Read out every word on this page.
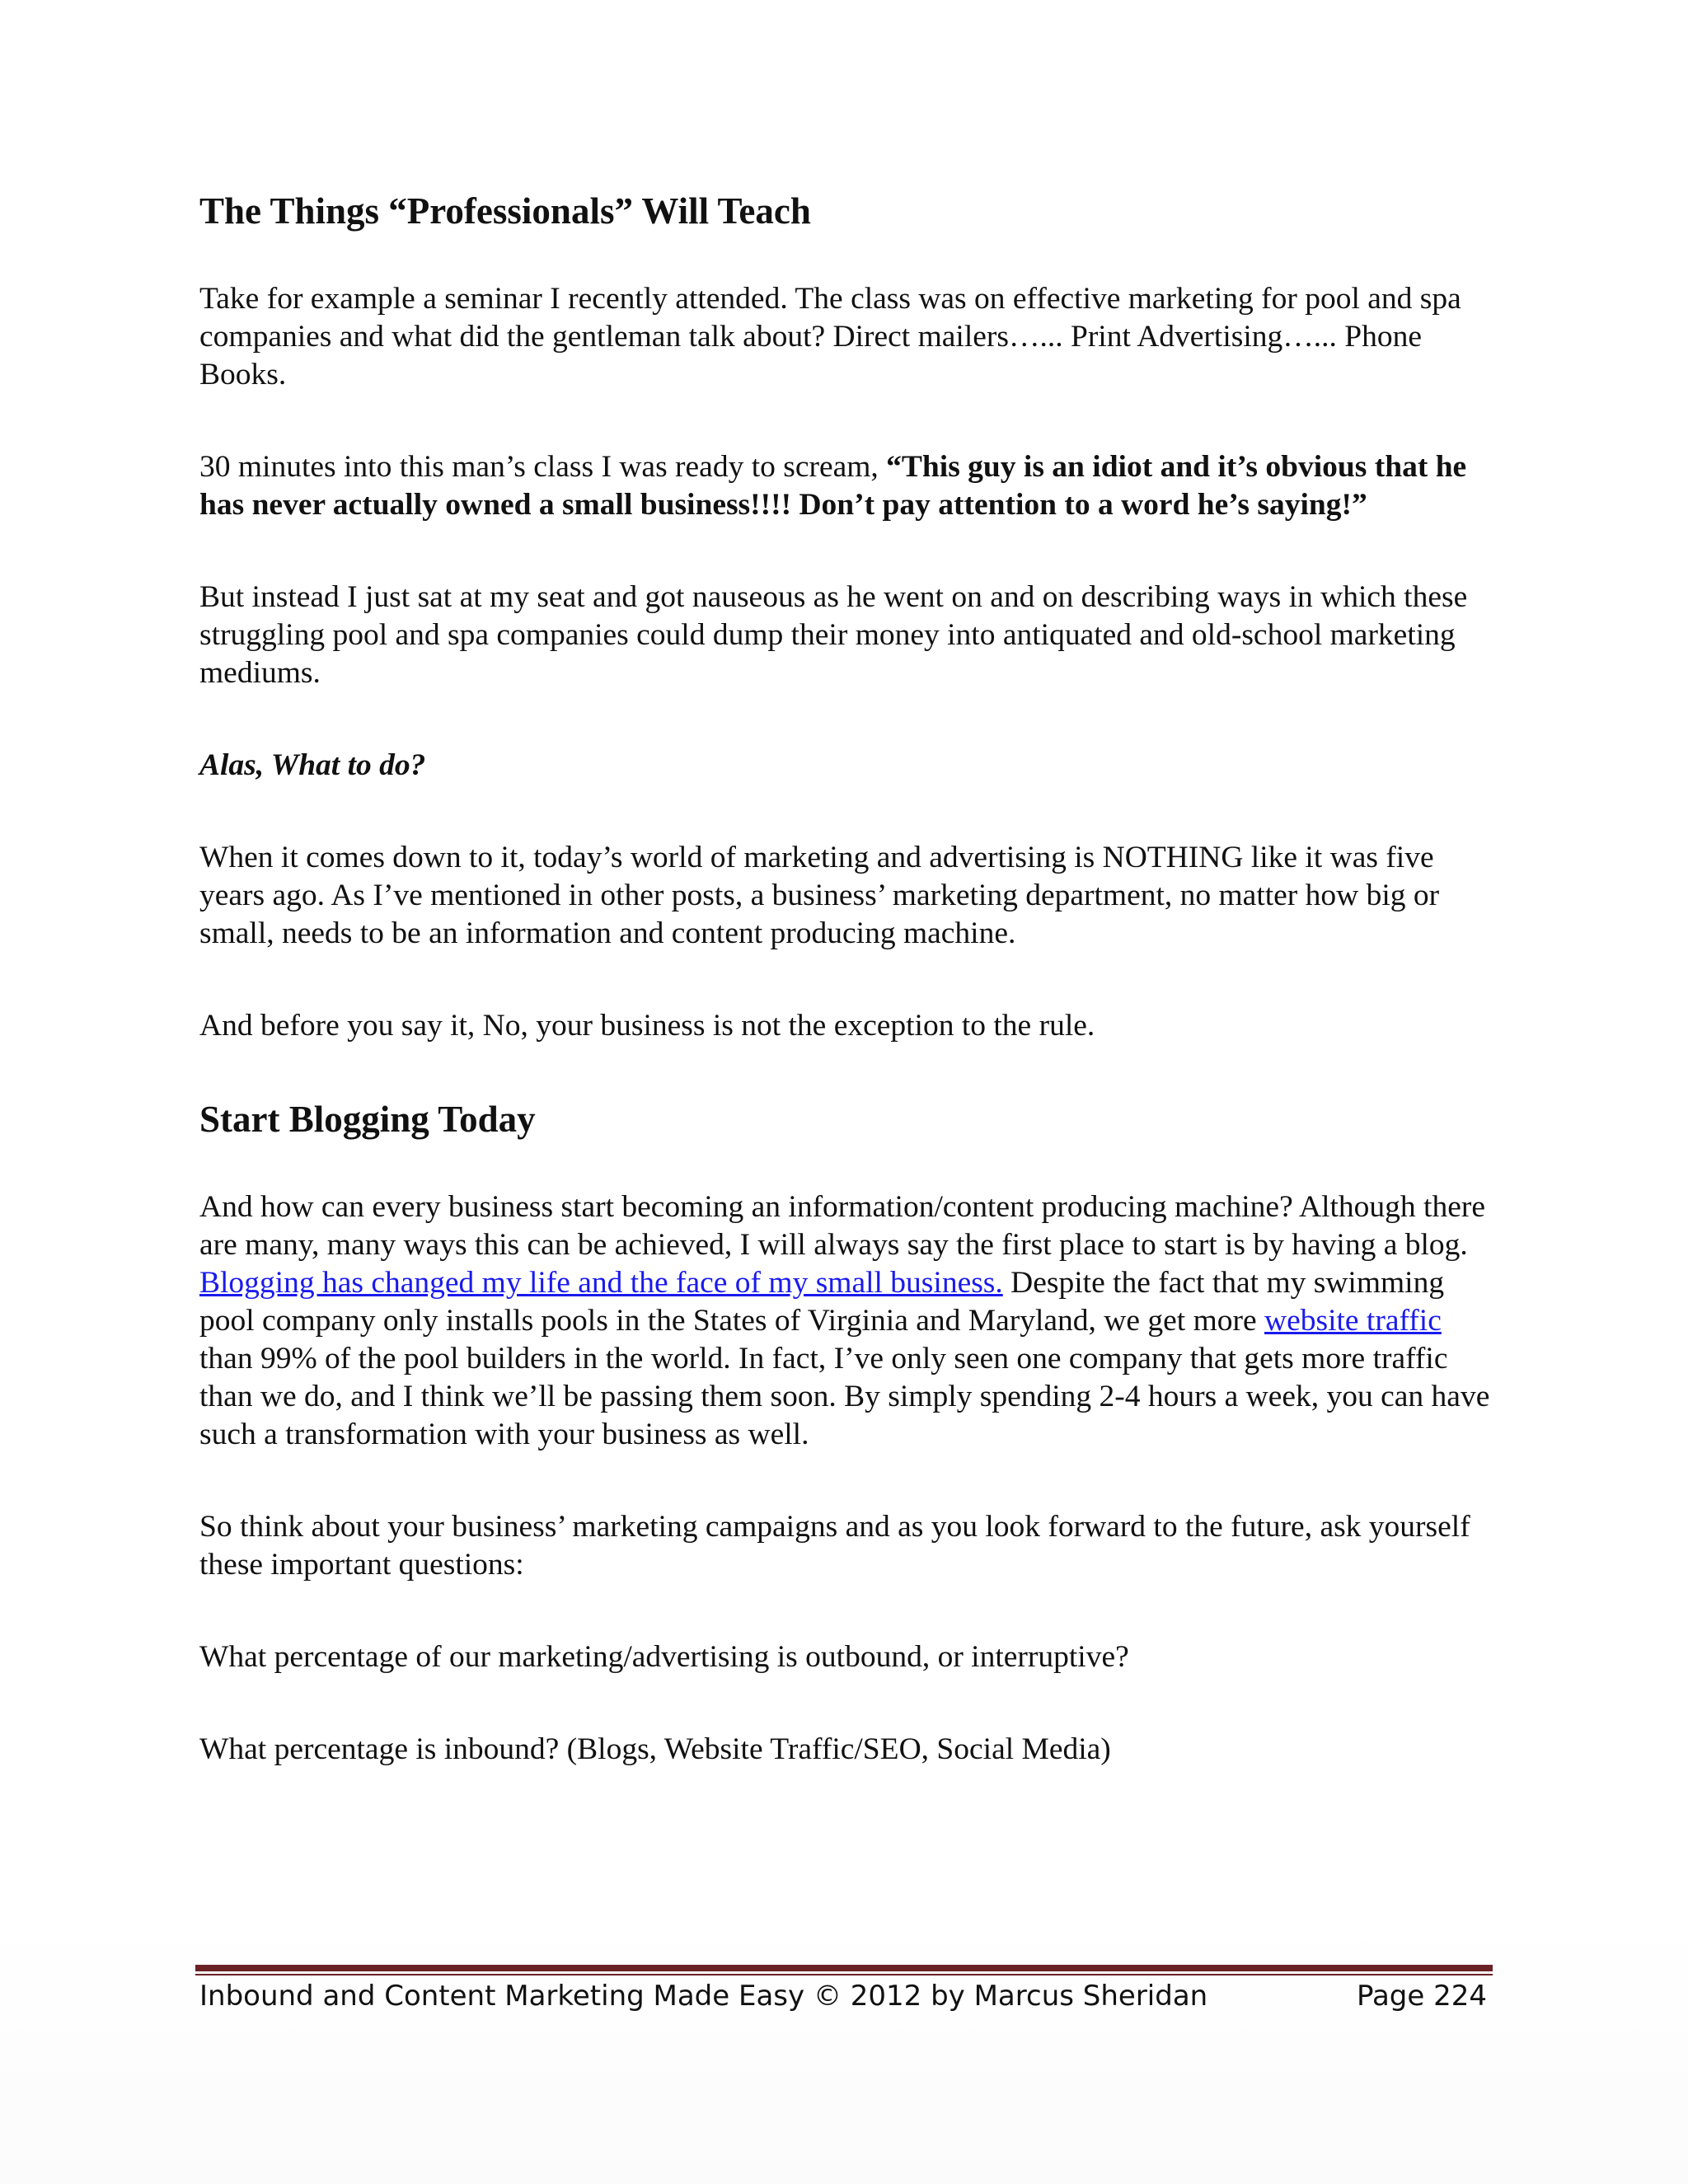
The Things “Professionals” Will Teach

Take for example a seminar I recently attended. The class was on effective marketing for pool and spa companies and what did the gentleman talk about? Direct mailers…... Print Advertising…... Phone Books.

30 minutes into this man’s class I was ready to scream, “This guy is an idiot and it’s obvious that he has never actually owned a small business!!!! Don’t pay attention to a word he’s saying!”

But instead I just sat at my seat and got nauseous as he went on and on describing ways in which these struggling pool and spa companies could dump their money into antiquated and old-school marketing mediums.

Alas, What to do?

When it comes down to it, today’s world of marketing and advertising is NOTHING like it was five years ago. As I’ve mentioned in other posts, a business’ marketing department, no matter how big or small, needs to be an information and content producing machine.

And before you say it, No, your business is not the exception to the rule.

Start Blogging Today

And how can every business start becoming an information/content producing machine? Although there are many, many ways this can be achieved, I will always say the first place to start is by having a blog. Blogging has changed my life and the face of my small business. Despite the fact that my swimming pool company only installs pools in the States of Virginia and Maryland, we get more website traffic than 99% of the pool builders in the world. In fact, I’ve only seen one company that gets more traffic than we do, and I think we’ll be passing them soon. By simply spending 2-4 hours a week, you can have such a transformation with your business as well.

So think about your business’ marketing campaigns and as you look forward to the future, ask yourself these important questions:

What percentage of our marketing/advertising is outbound, or interruptive?

What percentage is inbound? (Blogs, Website Traffic/SEO, Social Media)

Inbound and Content Marketing Made Easy © 2012 by Marcus Sheridan	Page 224
